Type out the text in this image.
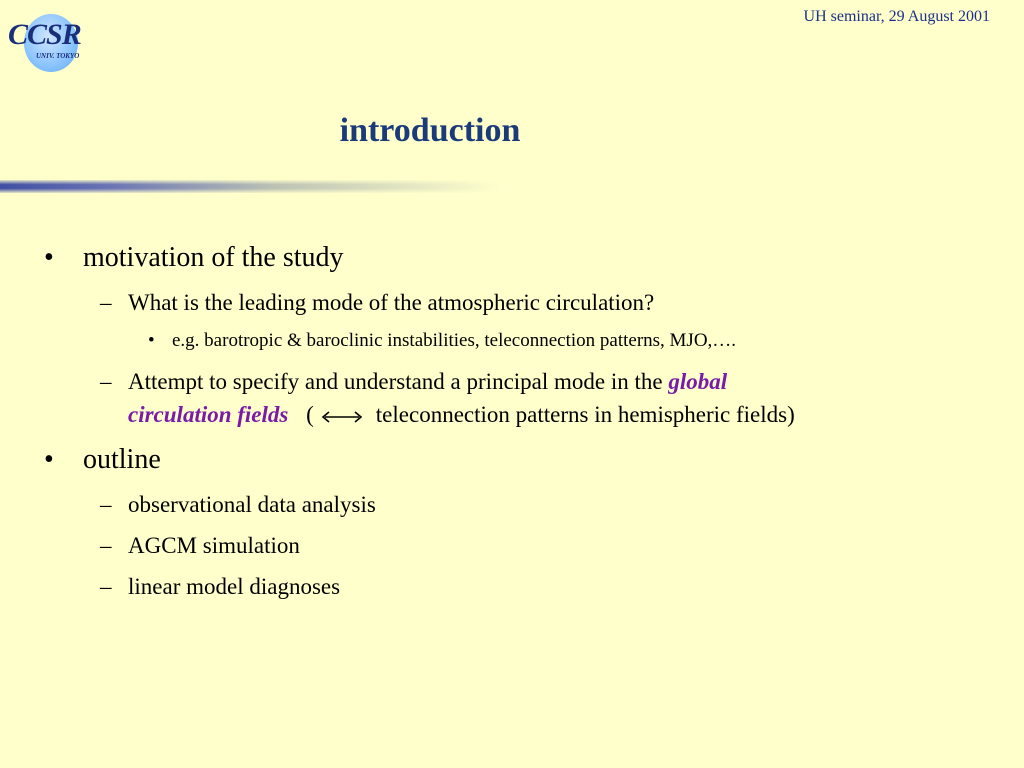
CCSR
UNIV. TOKYO
UH seminar, 29 August 2001
introduction
• motivation of the study
– What is the leading mode of the atmospheric circulation?
• e.g. barotropic & baroclinic instabilities, teleconnection patterns, MJO,….
– Attempt to specify and understand a principal mode in the global
circulation fields (	teleconnection patterns in hemispheric fields)
• outline
– observational data analysis
– AGCM simulation
– linear model diagnoses
